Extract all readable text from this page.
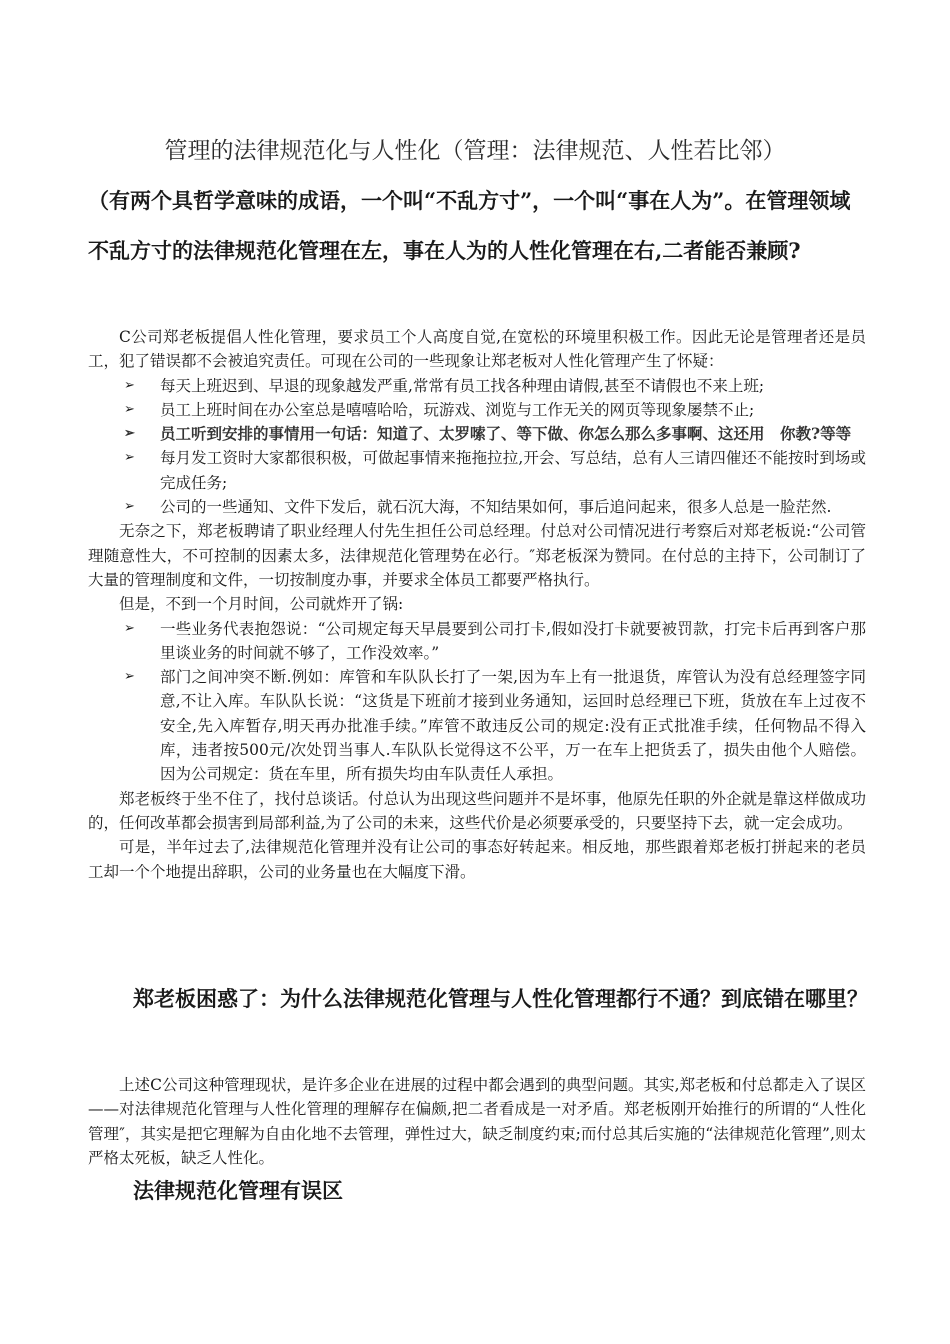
管理的法律规范化与人性化（管理：法律规范、人性若比邻）
（有两个具哲学意味的成语，一个叫“不乱方寸”，一个叫“事在人为”。在管理领域不乱方寸的法律规范化管理在左，事在人为的人性化管理在右,二者能否兼顾?

C公司郑老板提倡人性化管理，要求员工个人高度自觉,在宽松的环境里积极工作。因此无论是管理者还是员工，犯了错误都不会被追究责任。可现在公司的一些现象让郑老板对人性化管理产生了怀疑：

➢ 每天上班迟到、早退的现象越发严重,常常有员工找各种理由请假,甚至不请假也不来上班;

➢ 员工上班时间在办公室总是嘻嘻哈哈，玩游戏、浏览与工作无关的网页等现象屡禁不止;

➢ 员工听到安排的事情用一句话：知道了、太罗嗦了、等下做、你怎么那么多事啊、这还用　你教?等等

➢ 每月发工资时大家都很积极，可做起事情来拖拖拉拉,开会、写总结，总有人三请四催还不能按时到场或完成任务;

➢ 公司的一些通知、文件下发后，就石沉大海，不知结果如何，事后追问起来，很多人总是一脸茫然.

无奈之下，郑老板聘请了职业经理人付先生担任公司总经理。付总对公司情况进行考察后对郑老板说:“公司管理随意性大，不可控制的因素太多，法律规范化管理势在必行。″郑老板深为赞同。在付总的主持下，公司制订了大量的管理制度和文件，一切按制度办事，并要求全体员工都要严格执行。

但是，不到一个月时间，公司就炸开了锅:

➢ 一些业务代表抱怨说：“公司规定每天早晨要到公司打卡,假如没打卡就要被罚款，打完卡后再到客户那里谈业务的时间就不够了，工作没效率。”

➢ 部门之间冲突不断.例如：库管和车队队长打了一架,因为车上有一批退货，库管认为没有总经理签字同意,不让入库。车队队长说：“这货是下班前才接到业务通知，运回时总经理已下班，货放在车上过夜不安全,先入库暂存,明天再办批准手续。”库管不敢违反公司的规定:没有正式批准手续，任何物品不得入库，违者按500元/次处罚当事人.车队队长觉得这不公平，万一在车上把货丢了，损失由他个人赔偿。因为公司规定：货在车里，所有损失均由车队责任人承担。

郑老板终于坐不住了，找付总谈话。付总认为出现这些问题并不是坏事，他原先任职的外企就是靠这样做成功的，任何改革都会损害到局部利益,为了公司的未来，这些代价是必须要承受的，只要坚持下去，就一定会成功。

可是，半年过去了,法律规范化管理并没有让公司的事态好转起来。相反地，那些跟着郑老板打拼起来的老员工却一个个地提出辞职，公司的业务量也在大幅度下滑。

郑老板困惑了：为什么法律规范化管理与人性化管理都行不通？到底错在哪里？

上述C公司这种管理现状，是许多企业在进展的过程中都会遇到的典型问题。其实,郑老板和付总都走入了误区——对法律规范化管理与人性化管理的理解存在偏颇,把二者看成是一对矛盾。郑老板刚开始推行的所谓的“人性化管理″，其实是把它理解为自由化地不去管理，弹性过大，缺乏制度约束;而付总其后实施的“法律规范化管理”,则太严格太死板，缺乏人性化。

法律规范化管理有误区
